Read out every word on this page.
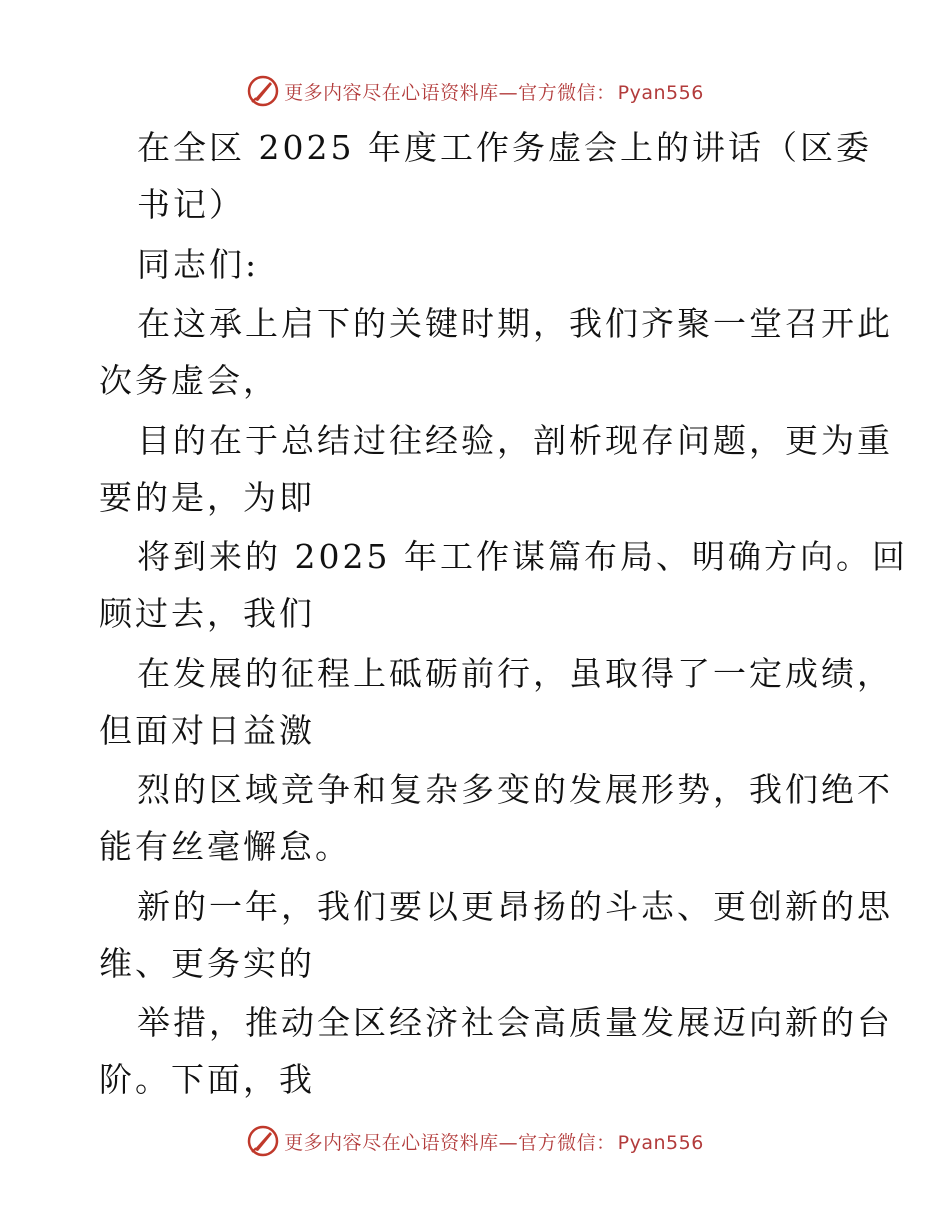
更多内容尽在心语资料库—官方微信： Pyan556
在全区 2025 年度工作务虚会上的讲话（区委
书记）
同志们:
在这承上启下的关键时期，我们齐聚一堂召开此
次务虚会，
目的在于总结过往经验，剖析现存问题，更为重
要的是，为即
将到来的 2025 年工作谋篇布局、明确方向。回
顾过去，我们
在发展的征程上砥砺前行，虽取得了一定成绩，
但面对日益激
烈的区域竞争和复杂多变的发展形势，我们绝不
能有丝毫懈怠。
新的一年，我们要以更昂扬的斗志、更创新的思
维、更务实的
举措，推动全区经济社会高质量发展迈向新的台
阶。下面，我
更多内容尽在心语资料库—官方微信： Pyan556
